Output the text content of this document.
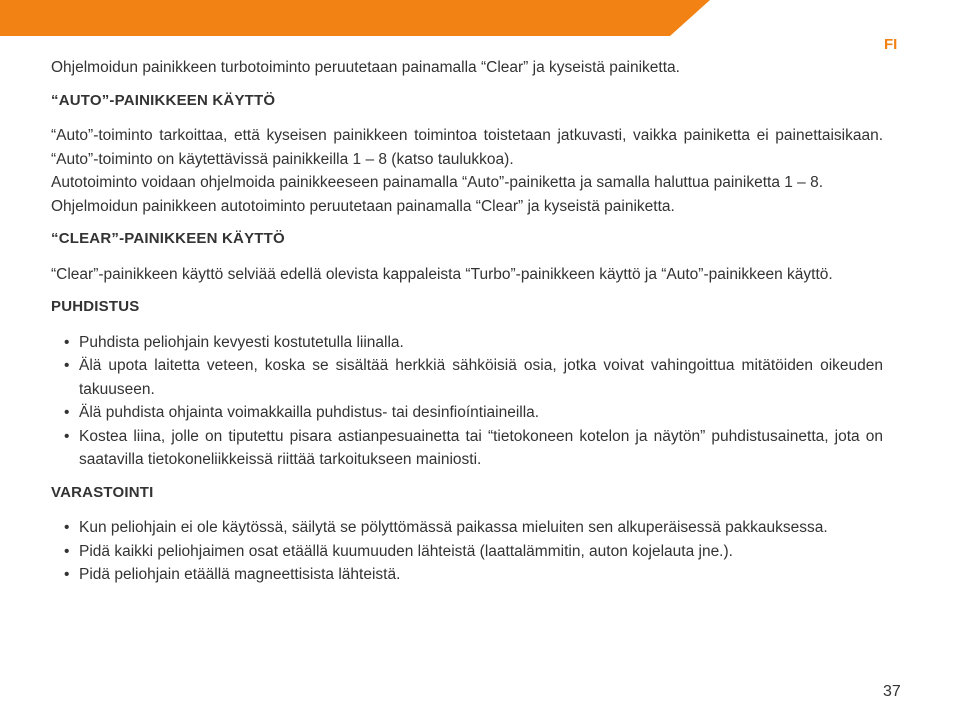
FI

Ohjelmoidun painikkeen turbotoiminto peruutetaan painamalla “Clear” ja kyseistä painiketta.

“AUTO”-PAINIKKEEN KÄYTTÖ

“Auto”-toiminto tarkoittaa, että kyseisen painikkeen toimintoa toistetaan jatkuvasti, vaikka painiketta ei painettaisikaan. “Auto”-toiminto on käytettävissä painikkeilla 1 – 8 (katso taulukkoa).

Autotoiminto voidaan ohjelmoida painikkeeseen painamalla “Auto”-painiketta ja samalla haluttua painiketta 1 – 8.

Ohjelmoidun painikkeen autotoiminto peruutetaan painamalla “Clear” ja kyseistä painiketta.

“CLEAR”-PAINIKKEEN KÄYTTÖ

“Clear”-painikkeen käyttö selviää edellä olevista kappaleista “Turbo”-painikkeen käyttö ja “Auto”-painikkeen käyttö.

PUHDISTUS
• Puhdista peliohjain kevyesti kostutetulla liinalla.
• Älä upota laitetta veteen, koska se sisältää herkkiä sähköisiä osia, jotka voivat vahingoittua mitätöiden oikeuden takuuseen.
• Älä puhdista ohjainta voimakkailla puhdistus- tai desinfioíntiaineilla.
• Kostea liina, jolle on tiputettu pisara astianpesuainetta tai “tietokoneen kotelon ja näytön” puhdistusainetta, jota on saatavilla tietokoneliikkeissä riittää tarkoitukseen mainiosti.
VARASTOINTI
• Kun peliohjain ei ole käytössä, säilytä se pölyttömässä paikassa mieluiten sen alkuperäisessä pakkauksessa.
• Pidä kaikki peliohjaimen osat etäällä kuumuuden lähteistä (laattalämmitin, auton kojelauta jne.).
• Pidä peliohjain etäällä magneettisista lähteistä.
37
